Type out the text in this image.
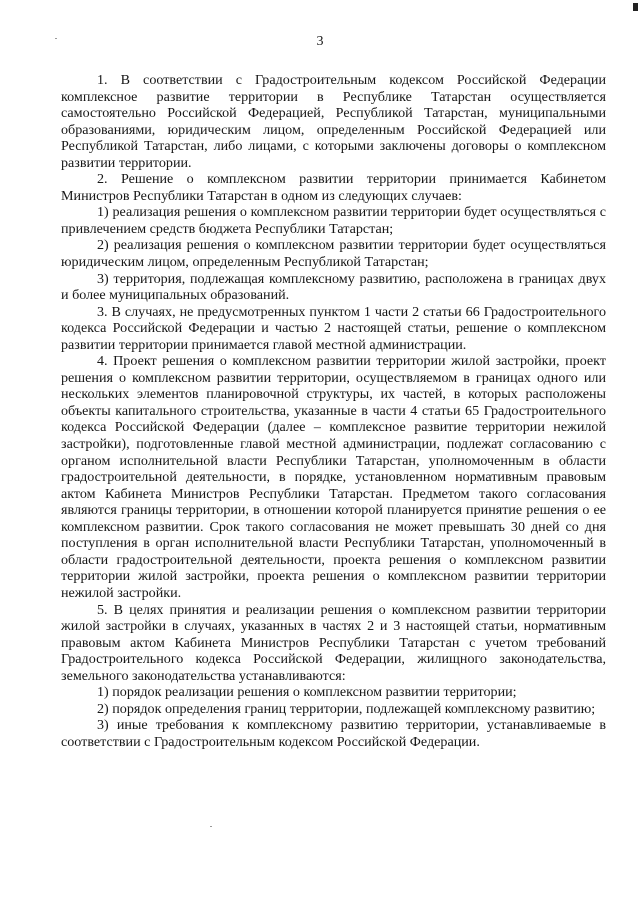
3

1. В соответствии с Градостроительным кодексом Российской Федерации комплексное развитие территории в Республике Татарстан осуществляется самостоятельно Российской Федерацией, Республикой Татарстан, муниципальными образованиями, юридическим лицом, определенным Российской Федерацией или Республикой Татарстан, либо лицами, с которыми заключены договоры о комплексном развитии территории.

2. Решение о комплексном развитии территории принимается Кабинетом Министров Республики Татарстан в одном из следующих случаев:

1) реализация решения о комплексном развитии территории будет осуществляться с привлечением средств бюджета Республики Татарстан;

2) реализация решения о комплексном развитии территории будет осуществляться юридическим лицом, определенным Республикой Татарстан;

3) территория, подлежащая комплексному развитию, расположена в границах двух и более муниципальных образований.

3. В случаях, не предусмотренных пунктом 1 части 2 статьи 66 Градостроительного кодекса Российской Федерации и частью 2 настоящей статьи, решение о комплексном развитии территории принимается главой местной администрации.

4. Проект решения о комплексном развитии территории жилой застройки, проект решения о комплексном развитии территории, осуществляемом в границах одного или нескольких элементов планировочной структуры, их частей, в которых расположены объекты капитального строительства, указанные в части 4 статьи 65 Градостроительного кодекса Российской Федерации (далее – комплексное развитие территории нежилой застройки), подготовленные главой местной администрации, подлежат согласованию с органом исполнительной власти Республики Татарстан, уполномоченным в области градостроительной деятельности, в порядке, установленном нормативным правовым актом Кабинета Министров Республики Татарстан. Предметом такого согласования являются границы территории, в отношении которой планируется принятие решения о ее комплексном развитии. Срок такого согласования не может превышать 30 дней со дня поступления в орган исполнительной власти Республики Татарстан, уполномоченный в области градостроительной деятельности, проекта решения о комплексном развитии территории жилой застройки, проекта решения о комплексном развитии территории нежилой застройки.

5. В целях принятия и реализации решения о комплексном развитии территории жилой застройки в случаях, указанных в частях 2 и 3 настоящей статьи, нормативным правовым актом Кабинета Министров Республики Татарстан с учетом требований Градостроительного кодекса Российской Федерации, жилищного законодательства, земельного законодательства устанавливаются:

1) порядок реализации решения о комплексном развитии территории;

2) порядок определения границ территории, подлежащей комплексному развитию;

3) иные требования к комплексному развитию территории, устанавливаемые в соответствии с Градостроительным кодексом Российской Федерации.
